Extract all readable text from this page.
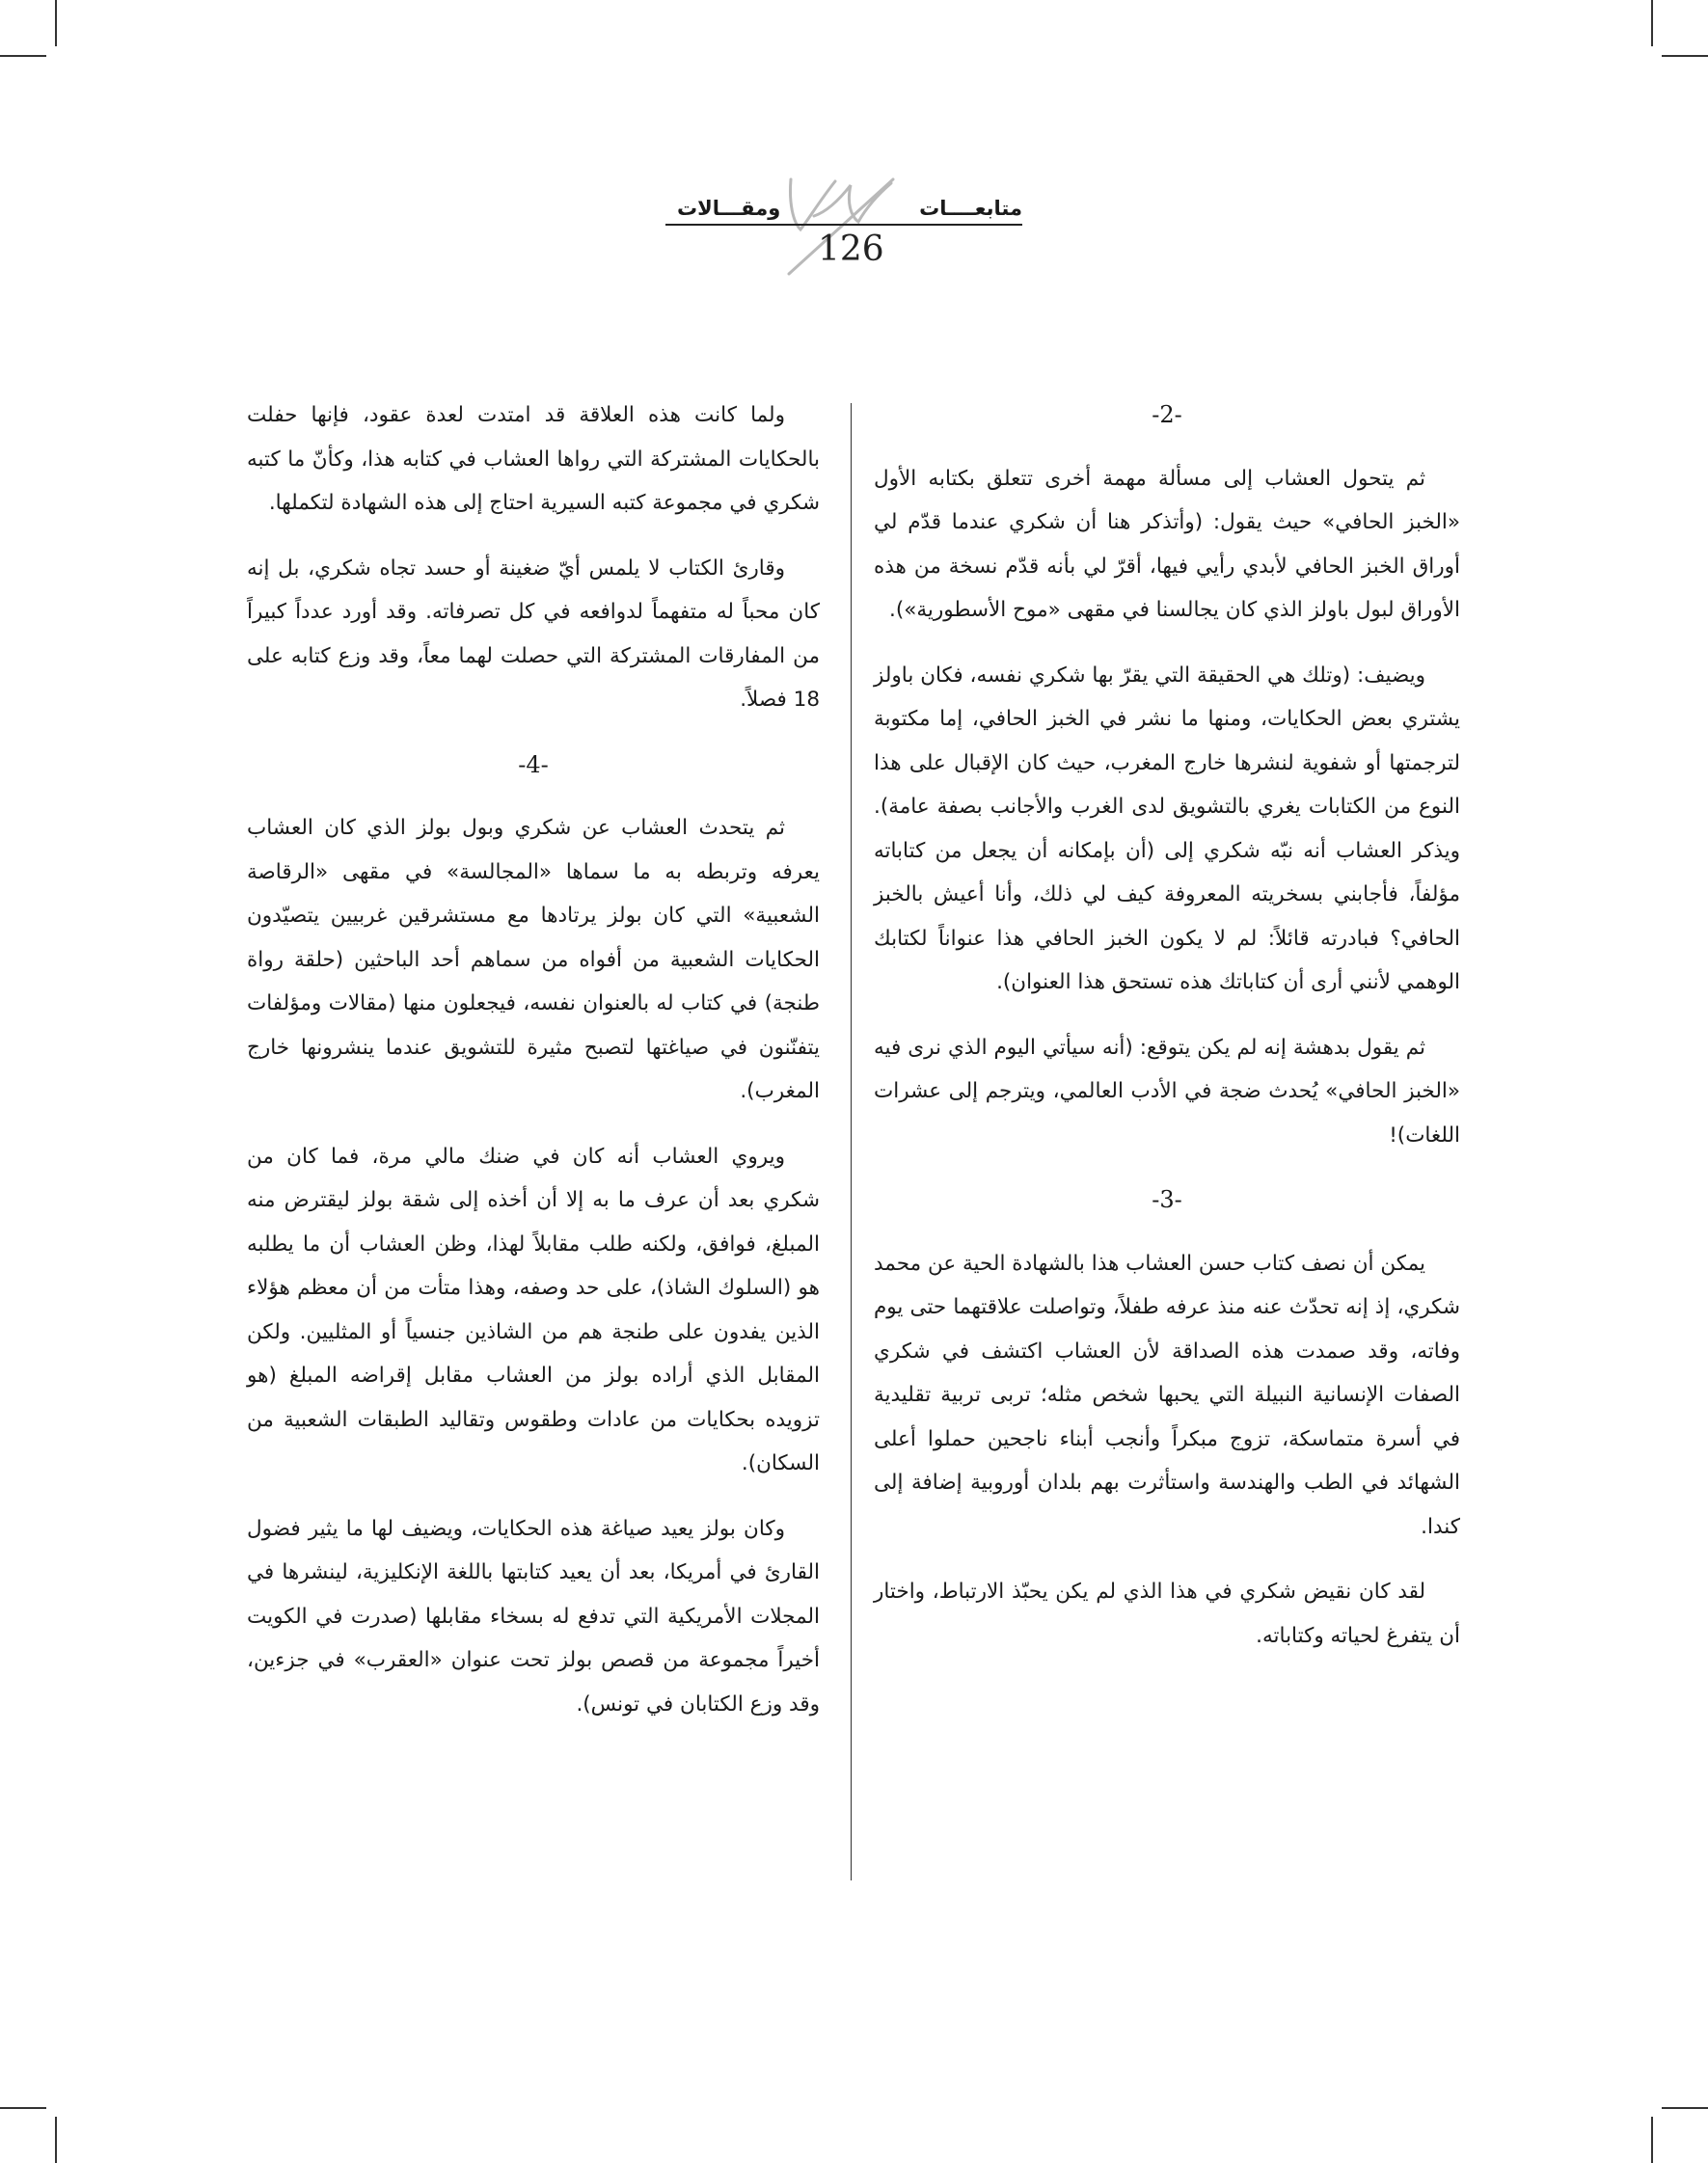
متابعــــات
ومقـــالات
126
-2-

ثم يتحول العشاب إلى مسألة مهمة أخرى تتعلق بكتابه الأول «الخبز الحافي» حيث يقول: (وأتذكر هنا أن شكري عندما قدّم لي أوراق الخبز الحافي لأبدي رأيي فيها، أقرّ لي بأنه قدّم نسخة من هذه الأوراق لبول باولز الذي كان يجالسنا في مقهى «موح الأسطورية»).

ويضيف: (وتلك هي الحقيقة التي يقرّ بها شكري نفسه، فكان باولز يشتري بعض الحكايات، ومنها ما نشر في الخبز الحافي، إما مكتوبة لترجمتها أو شفوية لنشرها خارج المغرب، حيث كان الإقبال على هذا النوع من الكتابات يغري بالتشويق لدى الغرب والأجانب بصفة عامة). ويذكر العشاب أنه نبّه شكري إلى (أن بإمكانه أن يجعل من كتاباته مؤلفاً، فأجابني بسخريته المعروفة كيف لي ذلك، وأنا أعيش بالخبز الحافي؟ فبادرته قائلاً: لم لا يكون الخبز الحافي هذا عنواناً لكتابك الوهمي لأنني أرى أن كتاباتك هذه تستحق هذا العنوان).

ثم يقول بدهشة إنه لم يكن يتوقع: (أنه سيأتي اليوم الذي نرى فيه «الخبز الحافي» يُحدث ضجة في الأدب العالمي، ويترجم إلى عشرات اللغات)!

-3-

يمكن أن نصف كتاب حسن العشاب هذا بالشهادة الحية عن محمد شكري، إذ إنه تحدّث عنه منذ عرفه طفلاً، وتواصلت علاقتهما حتى يوم وفاته، وقد صمدت هذه الصداقة لأن العشاب اكتشف في شكري الصفات الإنسانية النبيلة التي يحبها شخص مثله؛ تربى تربية تقليدية في أسرة متماسكة، تزوج مبكراً وأنجب أبناء ناجحين حملوا أعلى الشهائد في الطب والهندسة واستأثرت بهم بلدان أوروبية إضافة إلى كندا.

لقد كان نقيض شكري في هذا الذي لم يكن يحبّذ الارتباط، واختار أن يتفرغ لحياته وكتاباته.

ولما كانت هذه العلاقة قد امتدت لعدة عقود، فإنها حفلت بالحكايات المشتركة التي رواها العشاب في كتابه هذا، وكأنّ ما كتبه شكري في مجموعة كتبه السيرية احتاج إلى هذه الشهادة لتكملها.

وقارئ الكتاب لا يلمس أيّ ضغينة أو حسد تجاه شكري، بل إنه كان محباً له متفهماً لدوافعه في كل تصرفاته. وقد أورد عدداً كبيراً من المفارقات المشتركة التي حصلت لهما معاً، وقد وزع كتابه على 18 فصلاً.

-4-

ثم يتحدث العشاب عن شكري وبول بولز الذي كان العشاب يعرفه وتربطه به ما سماها «المجالسة» في مقهى «الرقاصة الشعبية» التي كان بولز يرتادها مع مستشرقين غربيين يتصيّدون الحكايات الشعبية من أفواه من سماهم أحد الباحثين (حلقة رواة طنجة) في كتاب له بالعنوان نفسه، فيجعلون منها (مقالات ومؤلفات يتفنّنون في صياغتها لتصبح مثيرة للتشويق عندما ينشرونها خارج المغرب).

ويروي العشاب أنه كان في ضنك مالي مرة، فما كان من شكري بعد أن عرف ما به إلا أن أخذه إلى شقة بولز ليقترض منه المبلغ، فوافق، ولكنه طلب مقابلاً لهذا، وظن العشاب أن ما يطلبه هو (السلوك الشاذ)، على حد وصفه، وهذا متأت من أن معظم هؤلاء الذين يفدون على طنجة هم من الشاذين جنسياً أو المثليين. ولكن المقابل الذي أراده بولز من العشاب مقابل إقراضه المبلغ (هو تزويده بحكايات من عادات وطقوس وتقاليد الطبقات الشعبية من السكان).

وكان بولز يعيد صياغة هذه الحكايات، ويضيف لها ما يثير فضول القارئ في أمريكا، بعد أن يعيد كتابتها باللغة الإنكليزية، لينشرها في المجلات الأمريكية التي تدفع له بسخاء مقابلها (صدرت في الكويت أخيراً مجموعة من قصص بولز تحت عنوان «العقرب» في جزءين، وقد وزع الكتابان في تونس).
